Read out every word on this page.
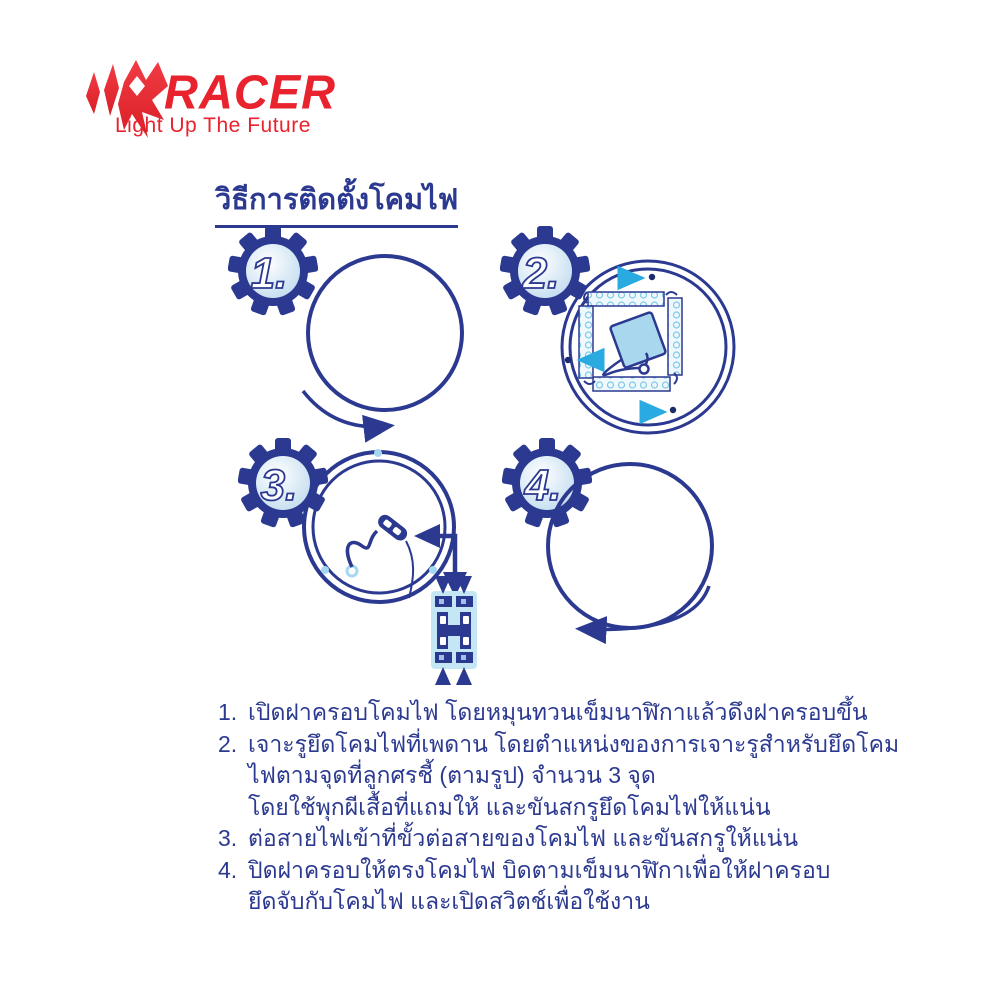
RACER
Light Up The Future
วิธีการติดตั้งโคมไฟ
1.	2.
3.	4.
1. เปิดฝาครอบโคมไฟ โดยหมุนทวนเข็มนาฬิกาแล้วดึงฝาครอบขึ้น
2. เจาะรูยึดโคมไฟที่เพดาน โดยตำแหน่งของการเจาะรูสำหรับยึดโคม
ไฟตามจุดที่ลูกศรชี้ (ตามรูป) จำนวน 3 จุด
โดยใช้พุกผีเสื้อที่แถมให้ และขันสกรูยึดโคมไฟให้แน่น
3. ต่อสายไฟเข้าที่ขั้วต่อสายของโคมไฟ และขันสกรูให้แน่น
4. ปิดฝาครอบให้ตรงโคมไฟ บิดตามเข็มนาฬิกาเพื่อให้ฝาครอบ
ยึดจับกับโคมไฟ และเปิดสวิตช์เพื่อใช้งาน
